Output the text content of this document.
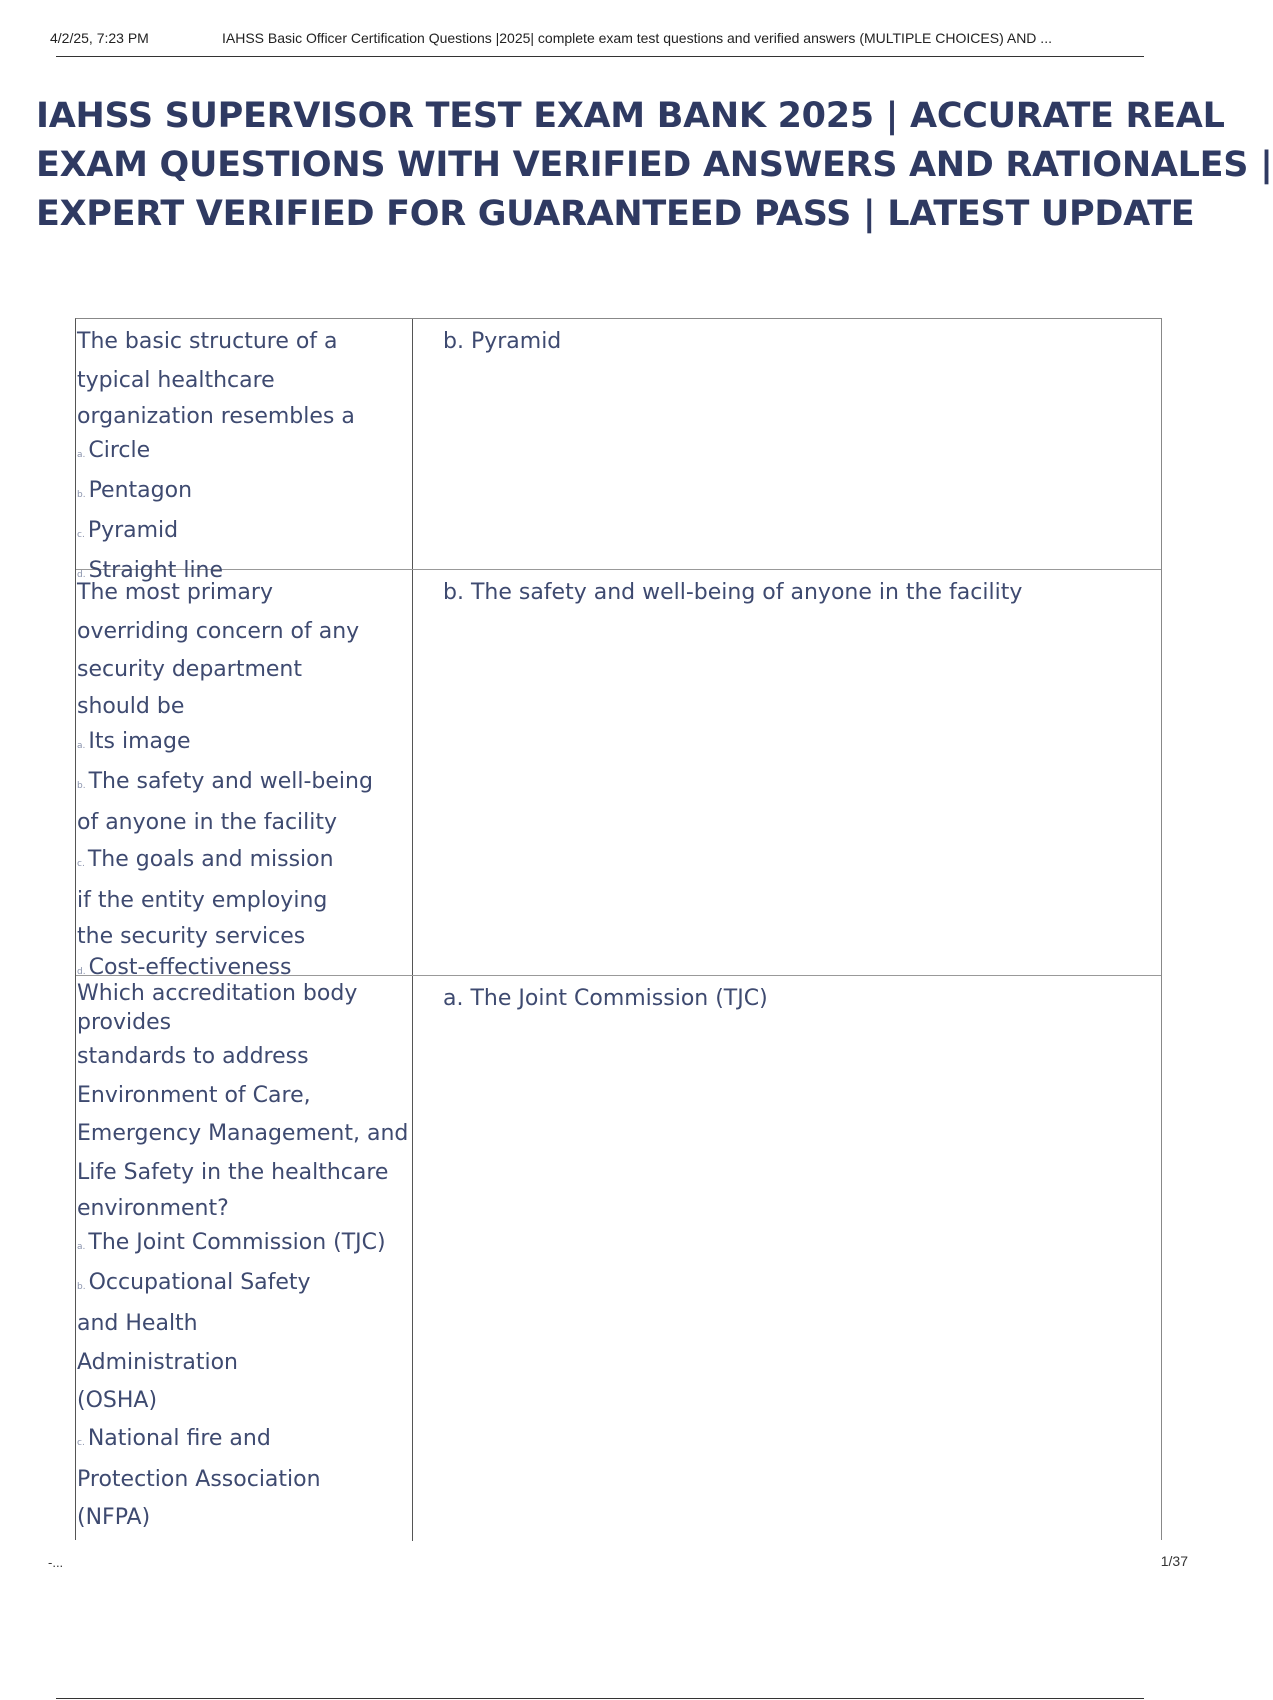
4/2/25, 7:23 PM	IAHSS Basic Officer Certification Questions |2025| complete exam test questions and verified answers (MULTIPLE CHOICES) AND ...
IAHSS SUPERVISOR TEST EXAM BANK 2025 | ACCURATE REAL
EXAM QUESTIONS WITH VERIFIED ANSWERS AND RATIONALES |
EXPERT VERIFIED FOR GUARANTEED PASS | LATEST UPDATE
The basic structure of a
typical healthcare
organization resembles a
a. Circle
b. Pentagon
c. Pyramid
d. Straight line
b. Pyramid
The most primary
overriding concern of any
security department
should be
a. Its image
b. The safety and well-being
of anyone in the facility
c. The goals and mission
if the entity employing
the security services
d. Cost-effectiveness
b. The safety and well-being of anyone in the facility
Which accreditation body
provides
standards to address
Environment of Care,
Emergency Management, and
Life Safety in the healthcare
environment?
a. The Joint Commission (TJC)
b. Occupational Safety
and Health
Administration
(OSHA)
c. National fire and
Protection Association
(NFPA)
a. The Joint Commission (TJC)
-...	1/37
